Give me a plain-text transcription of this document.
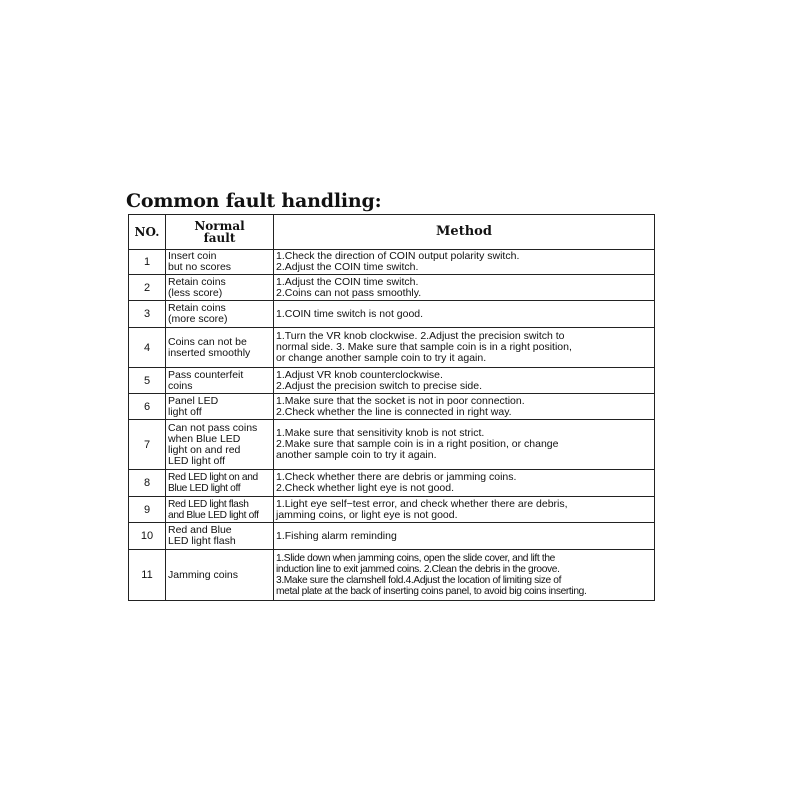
Common fault handling:
NO.	Normal
fault	Method
1	Insert coin
but no scores	1.Check the direction of COIN output polarity switch.
2.Adjust the COIN time switch.
2	Retain coins
(less score)	1.Adjust the COIN time switch.
2.Coins can not pass smoothly.
3	Retain coins
(more score)	1.COIN time switch is not good.
4	Coins can not be
inserted smoothly	1.Turn the VR knob clockwise. 2.Adjust the precision switch to
normal side. 3. Make sure that sample coin is in a right position,
or change another sample coin to try it again.
5	Pass counterfeit
coins	1.Adjust VR knob counterclockwise.
2.Adjust the precision switch to precise side.
6	Panel LED
light off	1.Make sure that the socket is not in poor connection.
2.Check whether the line is connected in right way.
7	Can not pass coins
when Blue LED
light on and red
LED light off	1.Make sure that sensitivity knob is not strict.
2.Make sure that sample coin is in a right position, or change
another sample coin to try it again.
8	Red LED light on and
Blue LED light off	1.Check whether there are debris or jamming coins.
2.Check whether light eye is not good.
9	Red LED light flash
and Blue LED light off	1.Light eye self−test error, and check whether there are debris,
jamming coins, or light eye is not good.
10	Red and Blue
LED light flash	1.Fishing alarm reminding
11	Jamming coins	1.Slide down when jamming coins, open the slide cover, and lift the
induction line to exit jammed coins. 2.Clean the debris in the groove.
3.Make sure the clamshell fold.4.Adjust the location of limiting size of
metal plate at the back of inserting coins panel, to avoid big coins inserting.
